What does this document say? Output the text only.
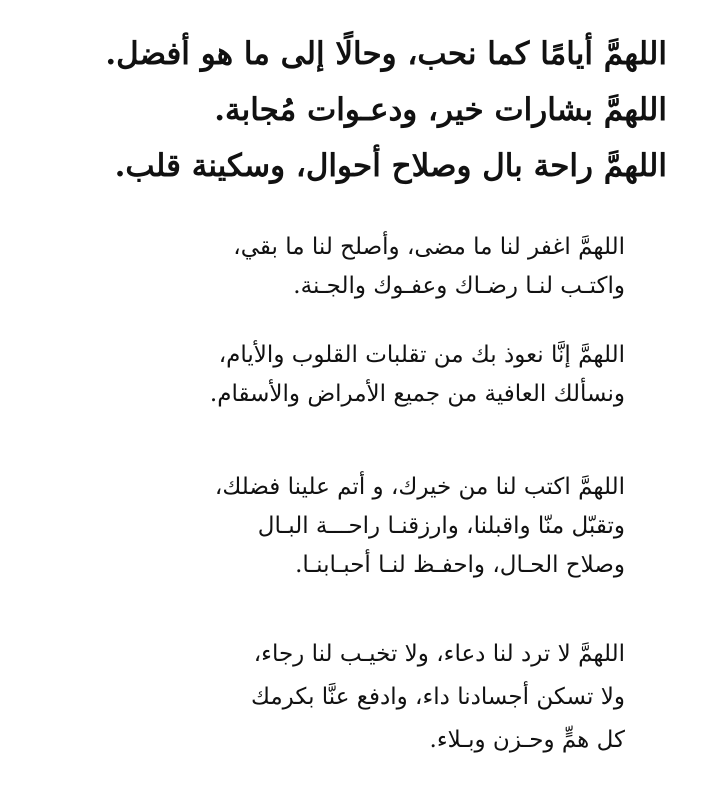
اللهمَّ أيامًا كما نحب، وحالًا إلى ما هو أفضل.
اللهمَّ بشارات خير، ودعـوات مُجابة.
اللهمَّ راحة بال وصلاح أحوال، وسكينة قلب.
اللهمَّ اغفر لنا ما مضى، وأصلح لنا ما بقي،
واكتـب لنـا رضـاك وعفـوك والجـنة.
اللهمَّ إنَّا نعوذ بك من تقلبات القلوب والأيام،
ونسألك العافية من جميع الأمراض والأسقام.
اللهمَّ اكتب لنا من خيرك، و أتم علينا فضلك،
وتقبّل منّا واقبلنا، وارزقنـا راحـــة البـال
وصلاح الحـال، واحفـظ لنـا أحبـابنـا.
اللهمَّ لا ترد لنا دعاء، ولا تخيـب لنا رجاء،
ولا تسكن أجسادنا داء، وادفع عنَّا بكرمك
كل همٍّ وحـزن وبـلاء.
